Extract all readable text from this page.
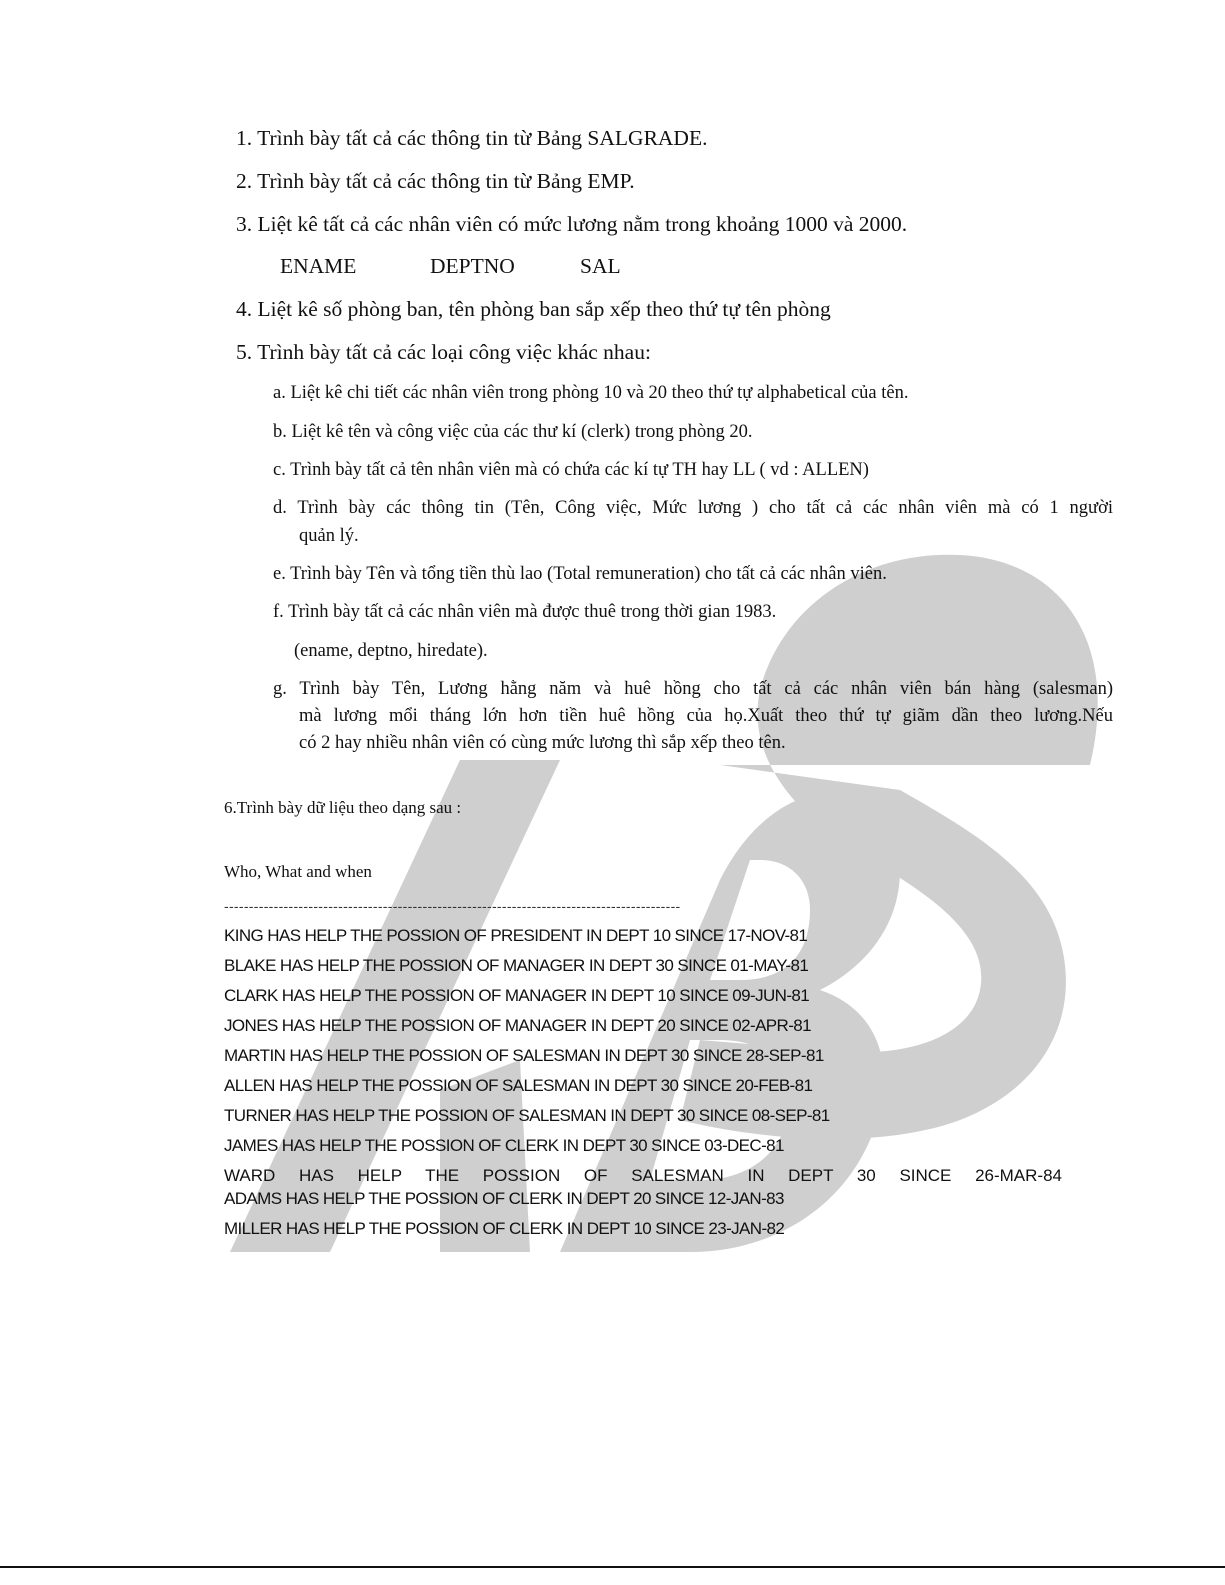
1. Trình bày tất cả các thông tin từ Bảng SALGRADE.
2. Trình bày tất cả các thông tin từ Bảng EMP.
3. Liệt kê tất cả các nhân viên có mức lương nằm trong khoảng 1000 và 2000.
ENAME	DEPTNO	SAL
4. Liệt kê số phòng ban, tên phòng ban sắp xếp theo thứ tự tên phòng
5. Trình bày tất cả các loại công việc khác nhau:
a. Liệt kê chi tiết các nhân viên trong phòng 10 và 20 theo thứ tự alphabetical của tên.
b. Liệt kê tên và công việc của các thư kí (clerk) trong phòng 20.
c. Trình bày tất cả tên nhân viên mà có chứa các kí tự TH hay LL ( vd : ALLEN)
d. Trình bày các thông tin (Tên, Công việc, Mức lương ) cho tất cả các nhân viên mà có 1 người
quản lý.
e. Trình bày Tên và tổng tiền thù lao (Total remuneration) cho tất cả các nhân viên.
f. Trình bày tất cả các nhân viên mà được thuê trong thời gian 1983.
(ename, deptno, hiredate).
g. Trình bày Tên, Lương hằng năm và huê hồng cho tất cả các nhân viên bán hàng (salesman)
mà lương mổi tháng lớn hơn tiền huê hồng của họ.Xuất theo thứ tự giãm dần theo lương.Nếu
có 2 hay nhiều nhân viên có cùng mức lương thì sắp xếp theo tên.
6.Trình bày dữ liệu theo dạng sau :
Who, What and when
--------------------------------------------------------------------------------------------
KING HAS HELP THE POSSION OF PRESIDENT IN DEPT 10 SINCE 17-NOV-81
BLAKE HAS HELP THE POSSION OF MANAGER IN DEPT 30 SINCE 01-MAY-81
CLARK HAS HELP THE POSSION OF MANAGER IN DEPT 10 SINCE 09-JUN-81
JONES HAS HELP THE POSSION OF MANAGER IN DEPT 20 SINCE 02-APR-81
MARTIN HAS HELP THE POSSION OF SALESMAN IN DEPT 30 SINCE 28-SEP-81
ALLEN HAS HELP THE POSSION OF SALESMAN IN DEPT 30 SINCE 20-FEB-81
TURNER HAS HELP THE POSSION OF SALESMAN IN DEPT 30 SINCE 08-SEP-81
JAMES HAS HELP THE POSSION OF CLERK IN DEPT 30 SINCE 03-DEC-81
WARD HAS HELP THE POSSION OF SALESMAN IN DEPT 30 SINCE 26-MAR-84
ADAMS HAS HELP THE POSSION OF CLERK IN DEPT 20 SINCE 12-JAN-83
MILLER HAS HELP THE POSSION OF CLERK IN DEPT 10 SINCE 23-JAN-82
